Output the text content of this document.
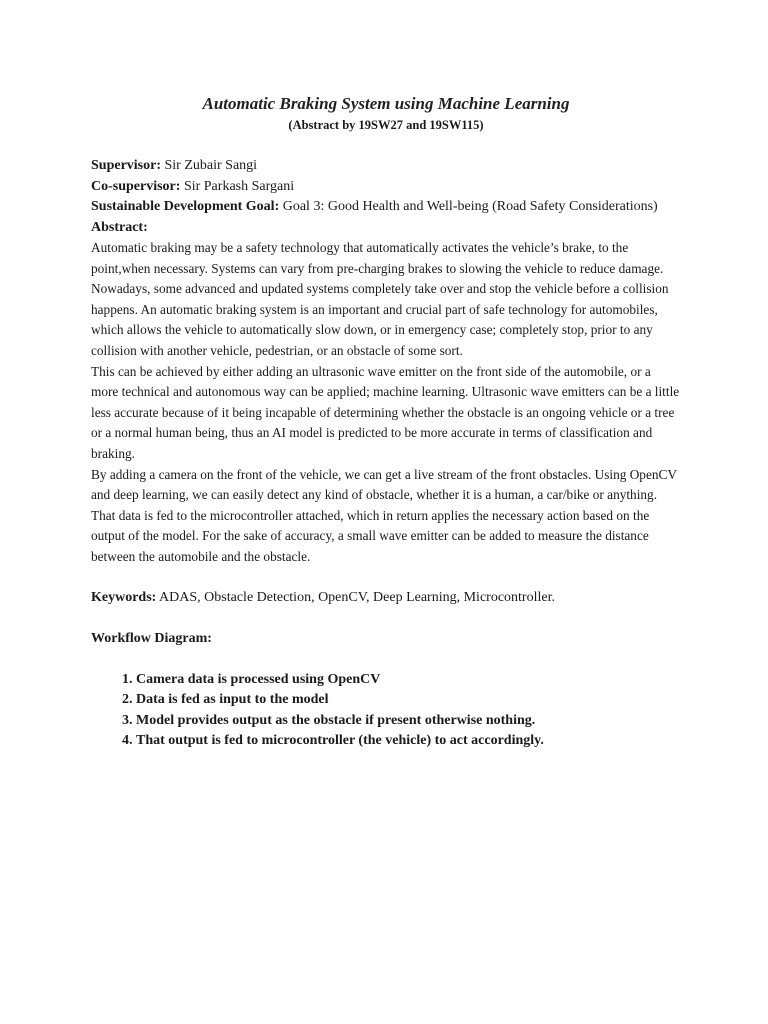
Automatic Braking System using Machine Learning

(Abstract by 19SW27 and 19SW115)

Supervisor: Sir Zubair Sangi

Co-supervisor: Sir Parkash Sargani

Sustainable Development Goal: Goal 3: Good Health and Well-being (Road Safety Considerations)

Abstract:

Automatic braking may be a safety technology that automatically activates the vehicle’s brake, to the point,when necessary. Systems can vary from pre-charging brakes to slowing the vehicle to reduce damage. Nowadays, some advanced and updated systems completely take over and stop the vehicle before a collision happens. An automatic braking system is an important and crucial part of safe technology for automobiles, which allows the vehicle to automatically slow down, or in emergency case; completely stop, prior to any collision with another vehicle, pedestrian, or an obstacle of some sort.

This can be achieved by either adding an ultrasonic wave emitter on the front side of the automobile, or a more technical and autonomous way can be applied; machine learning. Ultrasonic wave emitters can be a little less accurate because of it being incapable of determining whether the obstacle is an ongoing vehicle or a tree or a normal human being, thus an AI model is predicted to be more accurate in terms of classification and braking.

By adding a camera on the front of the vehicle, we can get a live stream of the front obstacles. Using OpenCV and deep learning, we can easily detect any kind of obstacle, whether it is a human, a car/bike or anything. That data is fed to the microcontroller attached, which in return applies the necessary action based on the output of the model. For the sake of accuracy, a small wave emitter can be added to measure the distance between the automobile and the obstacle.

Keywords: ADAS, Obstacle Detection, OpenCV, Deep Learning, Microcontroller.

Workflow Diagram:

1. Camera data is processed using OpenCV
2. Data is fed as input to the model
3. Model provides output as the obstacle if present otherwise nothing.
4. That output is fed to microcontroller (the vehicle) to act accordingly.
